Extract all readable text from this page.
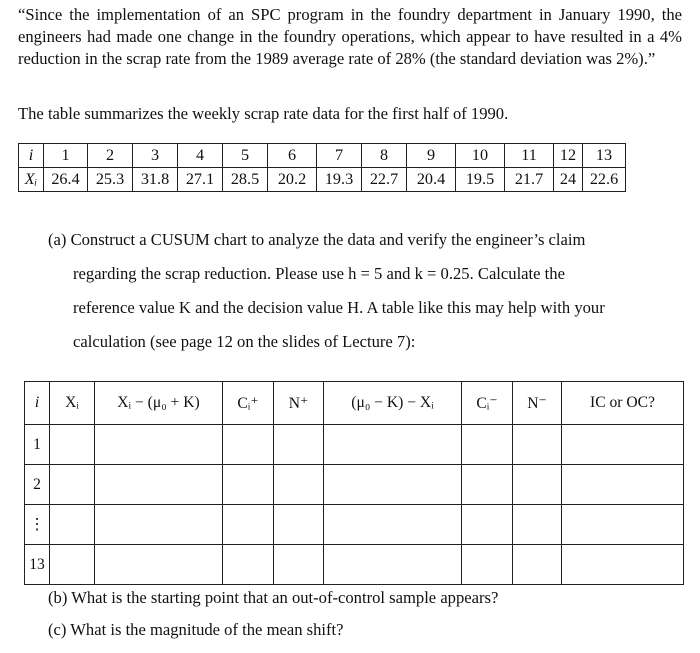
“Since the implementation of an SPC program in the foundry department in January 1990, the engineers had made one change in the foundry operations, which appear to have resulted in a 4% reduction in the scrap rate from the 1989 average rate of 28% (the standard deviation was 2%).”
The table summarizes the weekly scrap rate data for the first half of 1990.
i	1	2	3	4	5	6	7	8	9	10	11	12	13
Xᵢ	26.4	25.3	31.8	27.1	28.5	20.2	19.3	22.7	20.4	19.5	21.7	24	22.6
(a) Construct a CUSUM chart to analyze the data and verify the engineer’s claim
regarding the scrap reduction. Please use h = 5 and k = 0.25. Calculate the
reference value K and the decision value H. A table like this may help with your
calculation (see page 12 on the slides of Lecture 7):
i	Xᵢ	Xᵢ − (μ₀ + K)	Cᵢ⁺	N⁺	(μ₀ − K) − Xᵢ	Cᵢ⁻	N⁻	IC or OC?
1								
2								
⋮								
13								
(b) What is the starting point that an out-of-control sample appears?
(c) What is the magnitude of the mean shift?
